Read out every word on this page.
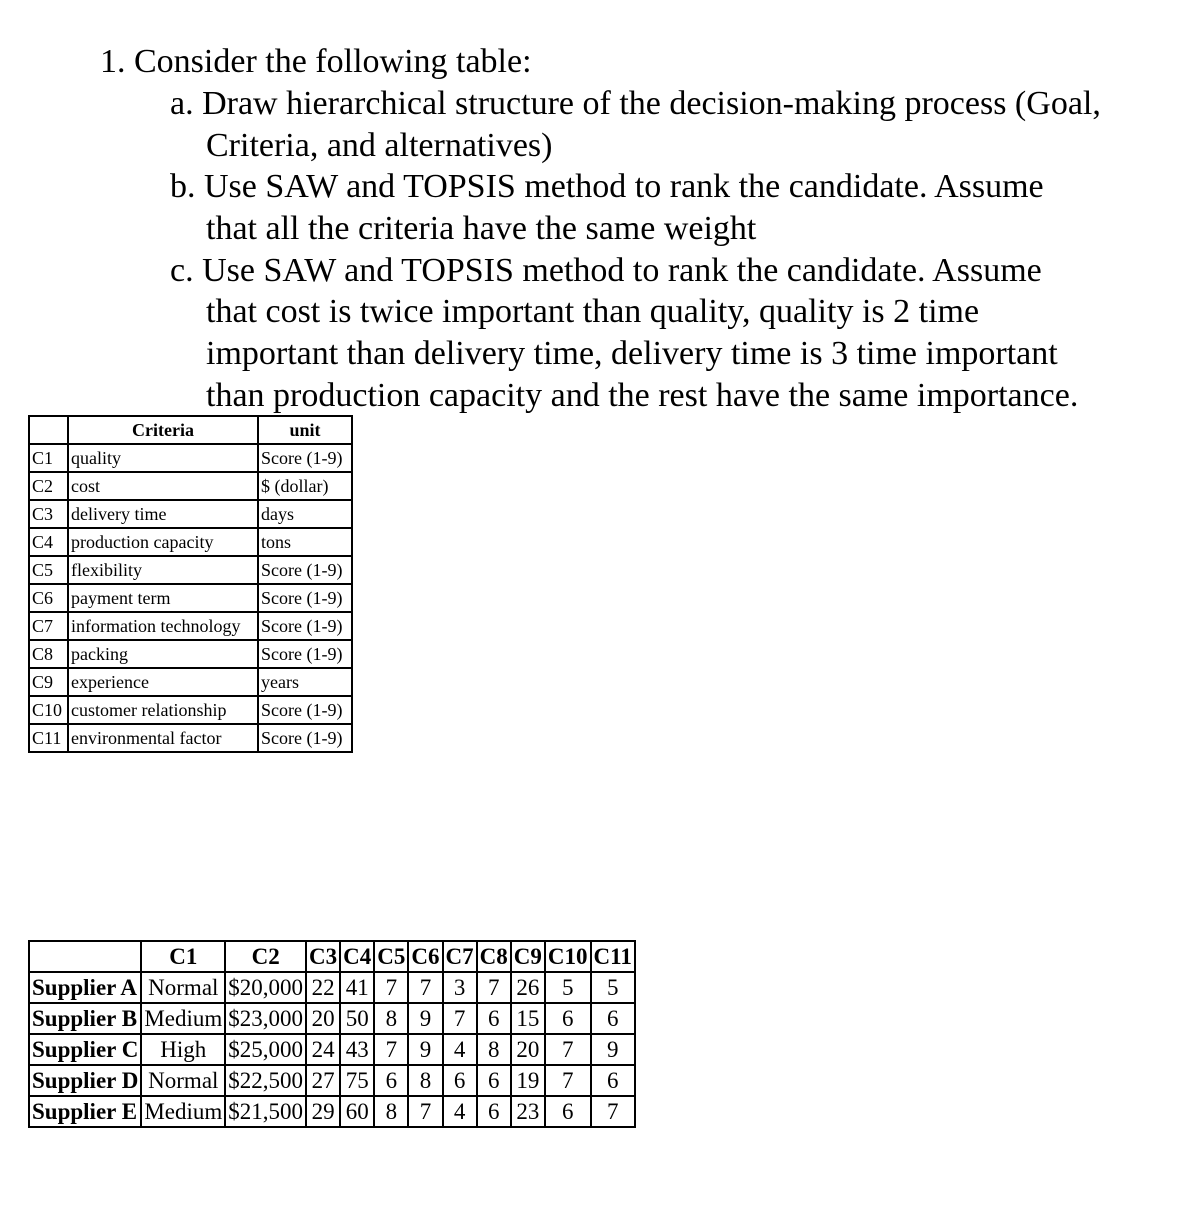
1. Consider the following table:
a. Draw hierarchical structure of the decision-making process (Goal,
Criteria, and alternatives)
b. Use SAW and TOPSIS method to rank the candidate. Assume
that all the criteria have the same weight
c. Use SAW and TOPSIS method to rank the candidate. Assume
that cost is twice important than quality, quality is 2 time
important than delivery time, delivery time is 3 time important
than production capacity and the rest have the same importance.
	Criteria	unit
C1	quality	Score (1-9)
C2	cost	$ (dollar)
C3	delivery time	days
C4	production capacity	tons
C5	flexibility	Score (1-9)
C6	payment term	Score (1-9)
C7	information technology	Score (1-9)
C8	packing	Score (1-9)
C9	experience	years
C10	customer relationship	Score (1-9)
C11	environmental factor	Score (1-9)
	C1	C2	C3	C4	C5	C6	C7	C8	C9	C10	C11
Supplier A	Normal	$20,000	22	41	7	7	3	7	26	5	5
Supplier B	Medium	$23,000	20	50	8	9	7	6	15	6	6
Supplier C	High	$25,000	24	43	7	9	4	8	20	7	9
Supplier D	Normal	$22,500	27	75	6	8	6	6	19	7	6
Supplier E	Medium	$21,500	29	60	8	7	4	6	23	6	7
